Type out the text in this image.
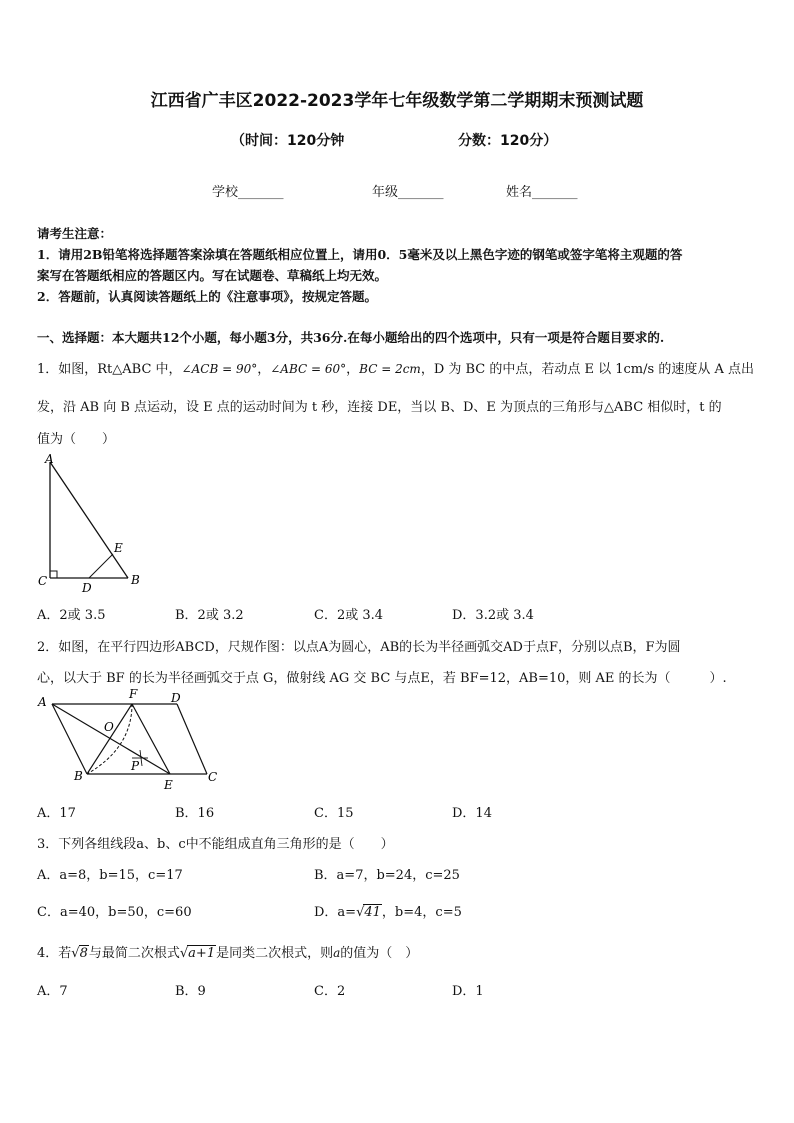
江西省广丰区2022-2023学年七年级数学第二学期期末预测试题
（时间：120分钟	分数：120分）
学校_______	年级_______	姓名_______
请考生注意：
1．请用2B铅笔将选择题答案涂填在答题纸相应位置上，请用0．5毫米及以上黑色字迹的钢笔或签字笔将主观题的答
案写在答题纸相应的答题区内。写在试题卷、草稿纸上均无效。
2．答题前，认真阅读答题纸上的《注意事项》，按规定答题。
一、选择题：本大题共12个小题，每小题3分，共36分.在每小题给出的四个选项中，只有一项是符合题目要求的.
1．如图，Rt△ABC 中，∠ACB = 90°，∠ABC = 60°，BC = 2cm，D 为 BC 的中点，若动点 E 以 1cm/s 的速度从 A 点出
发，沿 AB 向 B 点运动，设 E 点的运动时间为 t 秒，连接 DE，当以 B、D、E 为顶点的三角形与△ABC 相似时，t 的
值为（　　）
A
E
C	D
B
A．2或 3.5	B．2或 3.2	C．2或 3.4	D．3.2或 3.4
2．如图，在平行四边形ABCD，尺规作图：以点A为圆心，AB的长为半径画弧交AD于点F，分别以点B，F为圆
心，以大于 BF 的长为半径画弧交于点 G，做射线 AG 交 BC 与点E，若 BF=12，AB=10，则 AE 的长为（　　　）.
A
F	D
O
P
B
E
C
A．17	B．16	C．15	D．14
3．下列各组线段a、b、c中不能组成直角三角形的是（　　）
A．a=8，b=15，c=17	B．a=7，b=24，c=25
C．a=40，b=50，c=60	D．a=√41，b=4，c=5
4．若√8与最简二次根式√a+1是同类二次根式，则a的值为（　）
A．7	B．9	C．2	D．1
